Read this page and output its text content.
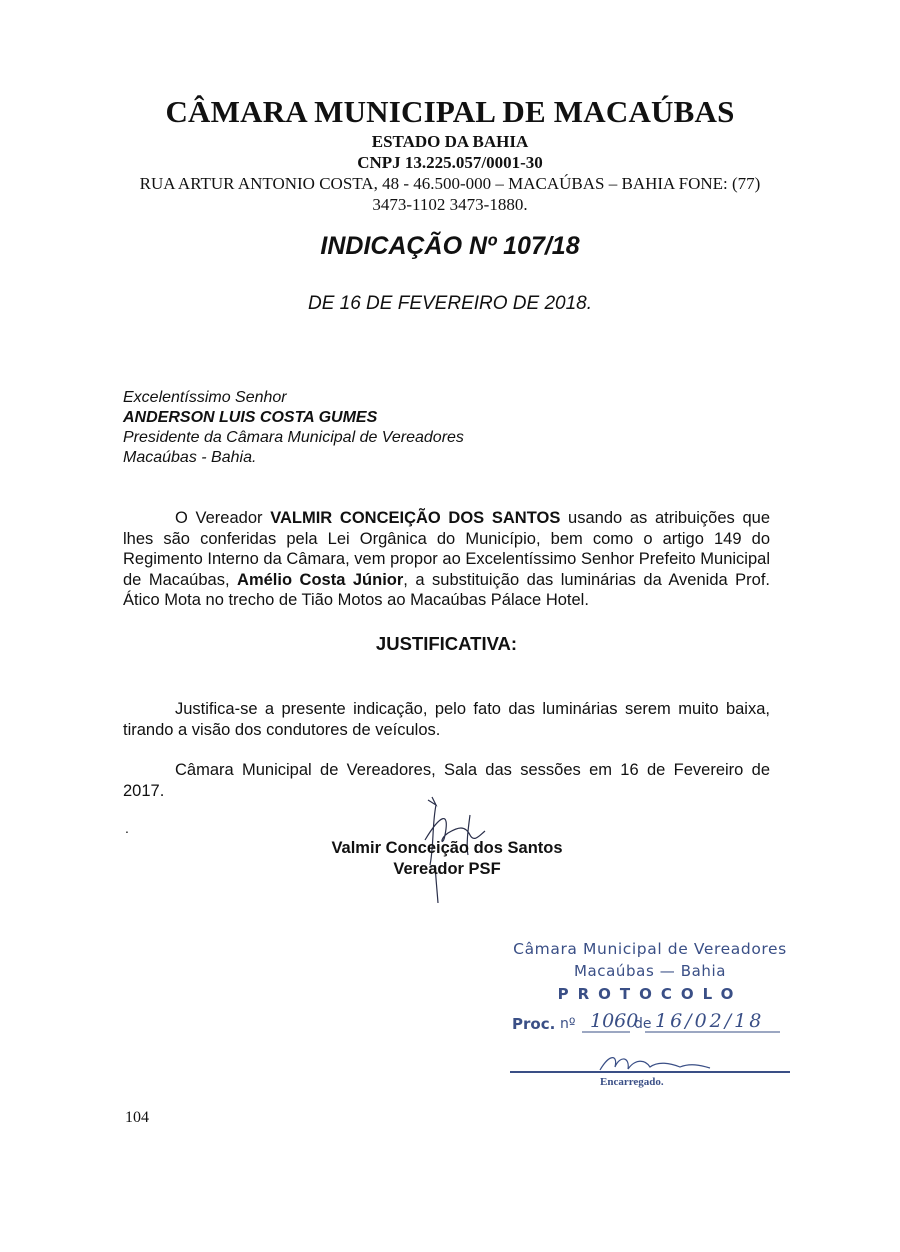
CÂMARA MUNICIPAL DE MACAÚBAS
ESTADO DA BAHIA
CNPJ 13.225.057/0001-30
RUA ARTUR ANTONIO COSTA, 48 - 46.500-000 – MACAÚBAS – BAHIA FONE: (77) 3473-1102 3473-1880.
INDICAÇÃO Nº 107/18
DE 16 DE FEVEREIRO DE 2018.
Excelentíssimo Senhor
ANDERSON LUIS COSTA GUMES
Presidente da Câmara Municipal de Vereadores
Macaúbas - Bahia.

O Vereador VALMIR CONCEIÇÃO DOS SANTOS usando as atribuições que lhes são conferidas pela Lei Orgânica do Município, bem como o artigo 149 do Regimento Interno da Câmara, vem propor ao Excelentíssimo Senhor Prefeito Municipal de Macaúbas, Amélio Costa Júnior, a substituição das luminárias da Avenida Prof. Ático Mota no trecho de Tião Motos ao Macaúbas Pálace Hotel.

JUSTIFICATIVA:

Justifica-se a presente indicação, pelo fato das luminárias serem muito baixa, tirando a visão dos condutores de veículos.

Câmara Municipal de Vereadores, Sala das sessões em 16 de Fevereiro de 2017.

.
Valmir Conceição dos Santos
Vereador PSF
Câmara Municipal de Vereadores
Macaúbas — Bahia
PROTOCOLO
Proc. nº 1060
de 16/02/18
Encarregado.
104
